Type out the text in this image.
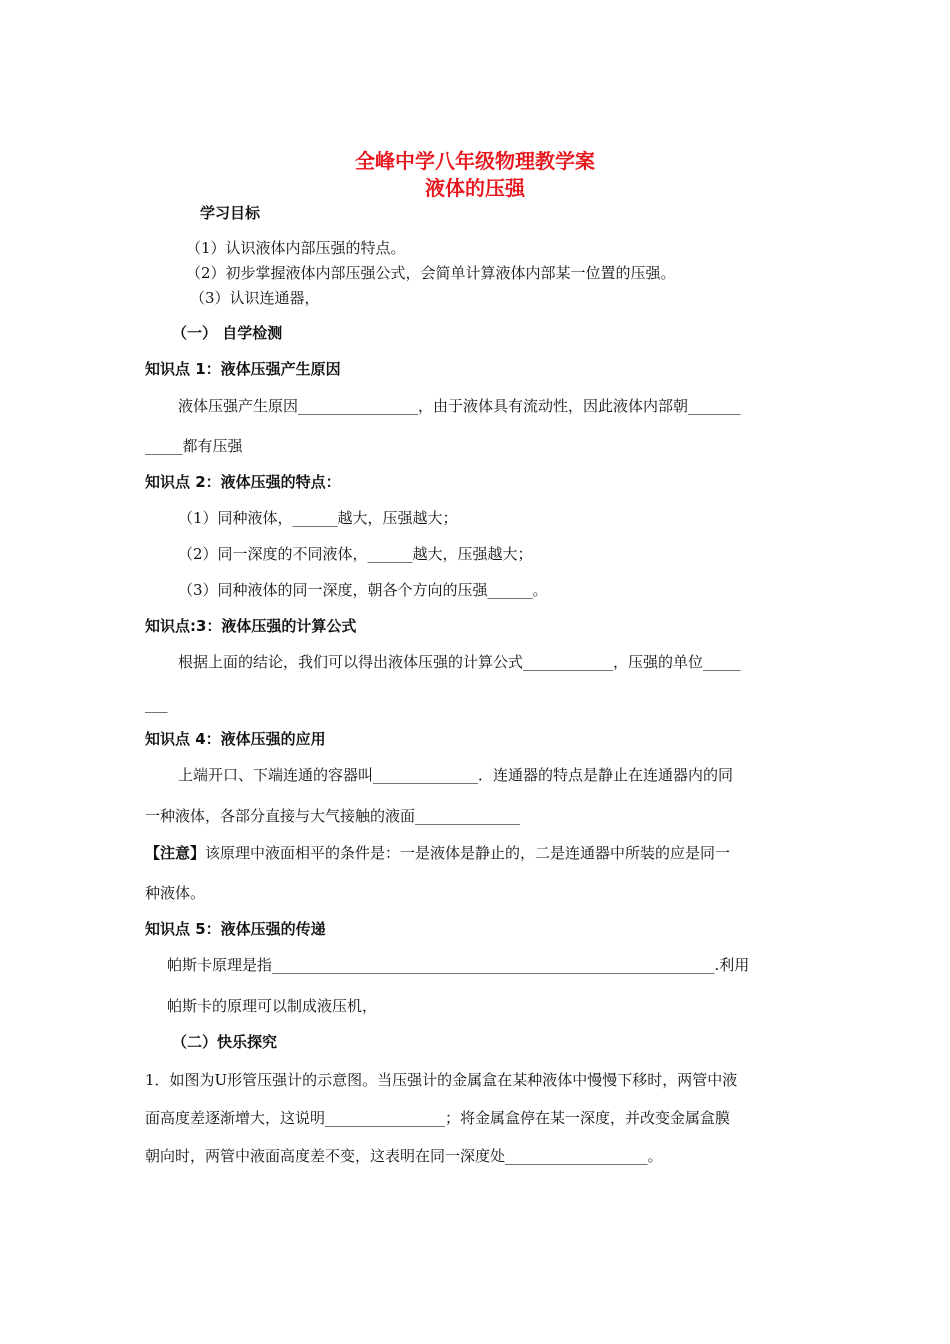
全峰中学八年级物理教学案
液体的压强
学习目标
（1）认识液体内部压强的特点。
（2）初步掌握液体内部压强公式，会简单计算液体内部某一位置的压强。
（3）认识连通器，
（一） 自学检测
知识点 1：液体压强产生原因
液体压强产生原因________________，由于液体具有流动性，因此液体内部朝_______
_____都有压强
知识点 2：液体压强的特点：
（1）同种液体，______越大，压强越大；
（2）同一深度的不同液体，______越大，压强越大；
（3）同种液体的同一深度，朝各个方向的压强______。
知识点:3：液体压强的计算公式
根据上面的结论，我们可以得出液体压强的计算公式____________，压强的单位_____
___
知识点 4：液体压强的应用
上端开口、下端连通的容器叫______________．连通器的特点是静止在连通器内的同
一种液体，各部分直接与大气接触的液面______________
【注意】该原理中液面相平的条件是：一是液体是静止的，二是连通器中所装的应是同一
种液体。
知识点 5：液体压强的传递
帕斯卡原理是指___________________________________________________________.利用
帕斯卡的原理可以制成液压机，
（二）快乐探究
1．如图为U形管压强计的示意图。当压强计的金属盒在某种液体中慢慢下移时，两管中液
面高度差逐渐增大，这说明________________；将金属盒停在某一深度，并改变金属盒膜
朝向时，两管中液面高度差不变，这表明在同一深度处___________________。
